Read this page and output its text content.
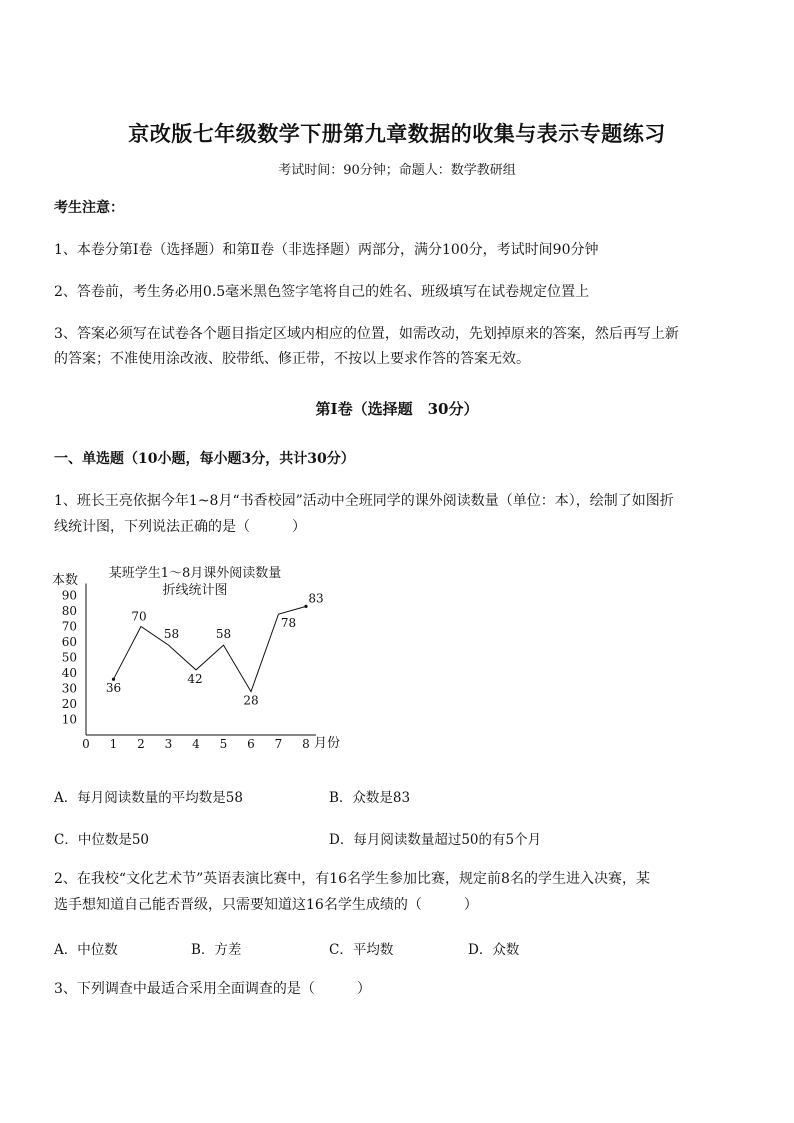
京改版七年级数学下册第九章数据的收集与表示专题练习
考试时间：90分钟；命题人：数学教研组
考生注意：
1、本卷分第Ⅰ卷（选择题）和第Ⅱ卷（非选择题）两部分，满分100分，考试时间90分钟
2、答卷前，考生务必用0.5毫米黑色签字笔将自己的姓名、班级填写在试卷规定位置上
3、答案必须写在试卷各个题目指定区域内相应的位置，如需改动，先划掉原来的答案，然后再写上新
的答案；不准使用涂改液、胶带纸、修正带，不按以上要求作答的答案无效。
第Ⅰ卷（选择题　30分）
一、单选题（10小题，每小题3分，共计30分）
1、班长王亮依据今年1~8月“书香校园”活动中全班同学的课外阅读数量（单位：本），绘制了如图折
线统计图，下列说法正确的是（　　　）
某班学生1～8月课外阅读数量
折线统计图
本数
月份
10
20
30
40
50
60
70
80
90
0 1 2 3 4 5 6 7 8
36
70
58
42
58
28
78
83
A．每月阅读数量的平均数是58	B．众数是83
C．中位数是50	D．每月阅读数量超过50的有5个月
2、在我校“文化艺术节”英语表演比赛中，有16名学生参加比赛，规定前8名的学生进入决赛，某
选手想知道自己能否晋级，只需要知道这16名学生成绩的（　　　）
A．中位数	B．方差	C．平均数	D．众数
3、下列调查中最适合采用全面调查的是（　　　）
